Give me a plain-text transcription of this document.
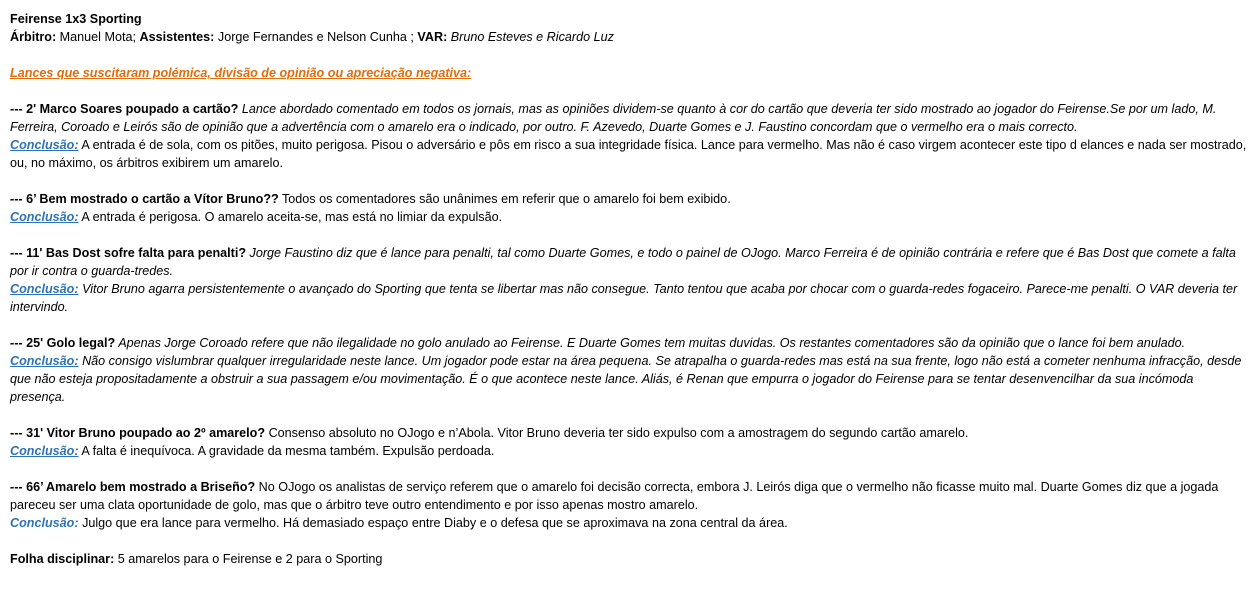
Feirense 1x3 Sporting

Árbitro: Manuel Mota; Assistentes: Jorge Fernandes e Nelson Cunha ; VAR: Bruno Esteves e Ricardo Luz

Lances que suscitaram polémica, divisão de opinião ou apreciação negativa:

--- 2' Marco Soares poupado a cartão? Lance abordado comentado em todos os jornais, mas as opiniões dividem-se quanto à cor do cartão que deveria ter sido mostrado ao jogador do Feirense.Se por um lado, M. Ferreira, Coroado e Leirós são de opinião que a advertência com o amarelo era o indicado, por outro. F. Azevedo, Duarte Gomes e J. Faustino concordam que o vermelho era o mais correcto.

Conclusão: A entrada é de sola, com os pitões, muito perigosa. Pisou o adversário e pôs em risco a sua integridade física. Lance para vermelho. Mas não é caso virgem acontecer este tipo d elances e nada ser mostrado, ou, no máximo, os árbitros exibirem um amarelo.

--- 6’ Bem mostrado o cartão a Vítor Bruno?? Todos os comentadores são unânimes em referir que o amarelo foi bem exibido.

Conclusão: A entrada é perigosa. O amarelo aceita-se, mas está no limiar da expulsão.

--- 11' Bas Dost sofre falta para penalti? Jorge Faustino diz que é lance para penalti, tal como Duarte Gomes, e todo o painel de OJogo. Marco Ferreira é de opinião contrária e refere que é Bas Dost que comete a falta por ir contra o guarda-tredes.

Conclusão: Vitor Bruno agarra persistentemente o avançado do Sporting que tenta se libertar mas não consegue. Tanto tentou que acaba por chocar com o guarda-redes fogaceiro. Parece-me penalti. O VAR deveria ter intervindo.

--- 25' Golo legal? Apenas Jorge Coroado refere que não ilegalidade no golo anulado ao Feirense. E Duarte Gomes tem muitas duvidas. Os restantes comentadores são da opinião que o lance foi bem anulado.

Conclusão: Não consigo vislumbrar qualquer irregularidade neste lance. Um jogador pode estar na área pequena. Se atrapalha o guarda-redes mas está na sua frente, logo não está a cometer nenhuma infracção, desde que não esteja propositadamente a obstruir a sua passagem e/ou movimentação. É o que acontece neste lance. Aliás, é Renan que empurra o jogador do Feirense para se tentar desenvencilhar da sua incómoda presença.

--- 31' Vitor Bruno poupado ao 2º amarelo? Consenso absoluto no OJogo e n’Abola. Vitor Bruno deveria ter sido expulso com a amostragem do segundo cartão amarelo.

Conclusão: A falta é inequívoca. A gravidade da mesma também. Expulsão perdoada.

--- 66’ Amarelo bem mostrado a Briseño? No OJogo os analistas de serviço referem que o amarelo foi decisão correcta, embora J. Leirós diga que o vermelho não ficasse muito mal. Duarte Gomes diz que a jogada pareceu ser uma clata oportunidade de golo, mas que o árbitro teve outro entendimento e por isso apenas mostro amarelo.

Conclusão: Julgo que era lance para vermelho. Há demasiado espaço entre Diaby e o defesa que se aproximava na zona central da área.

Folha disciplinar: 5 amarelos para o Feirense e 2 para o Sporting
